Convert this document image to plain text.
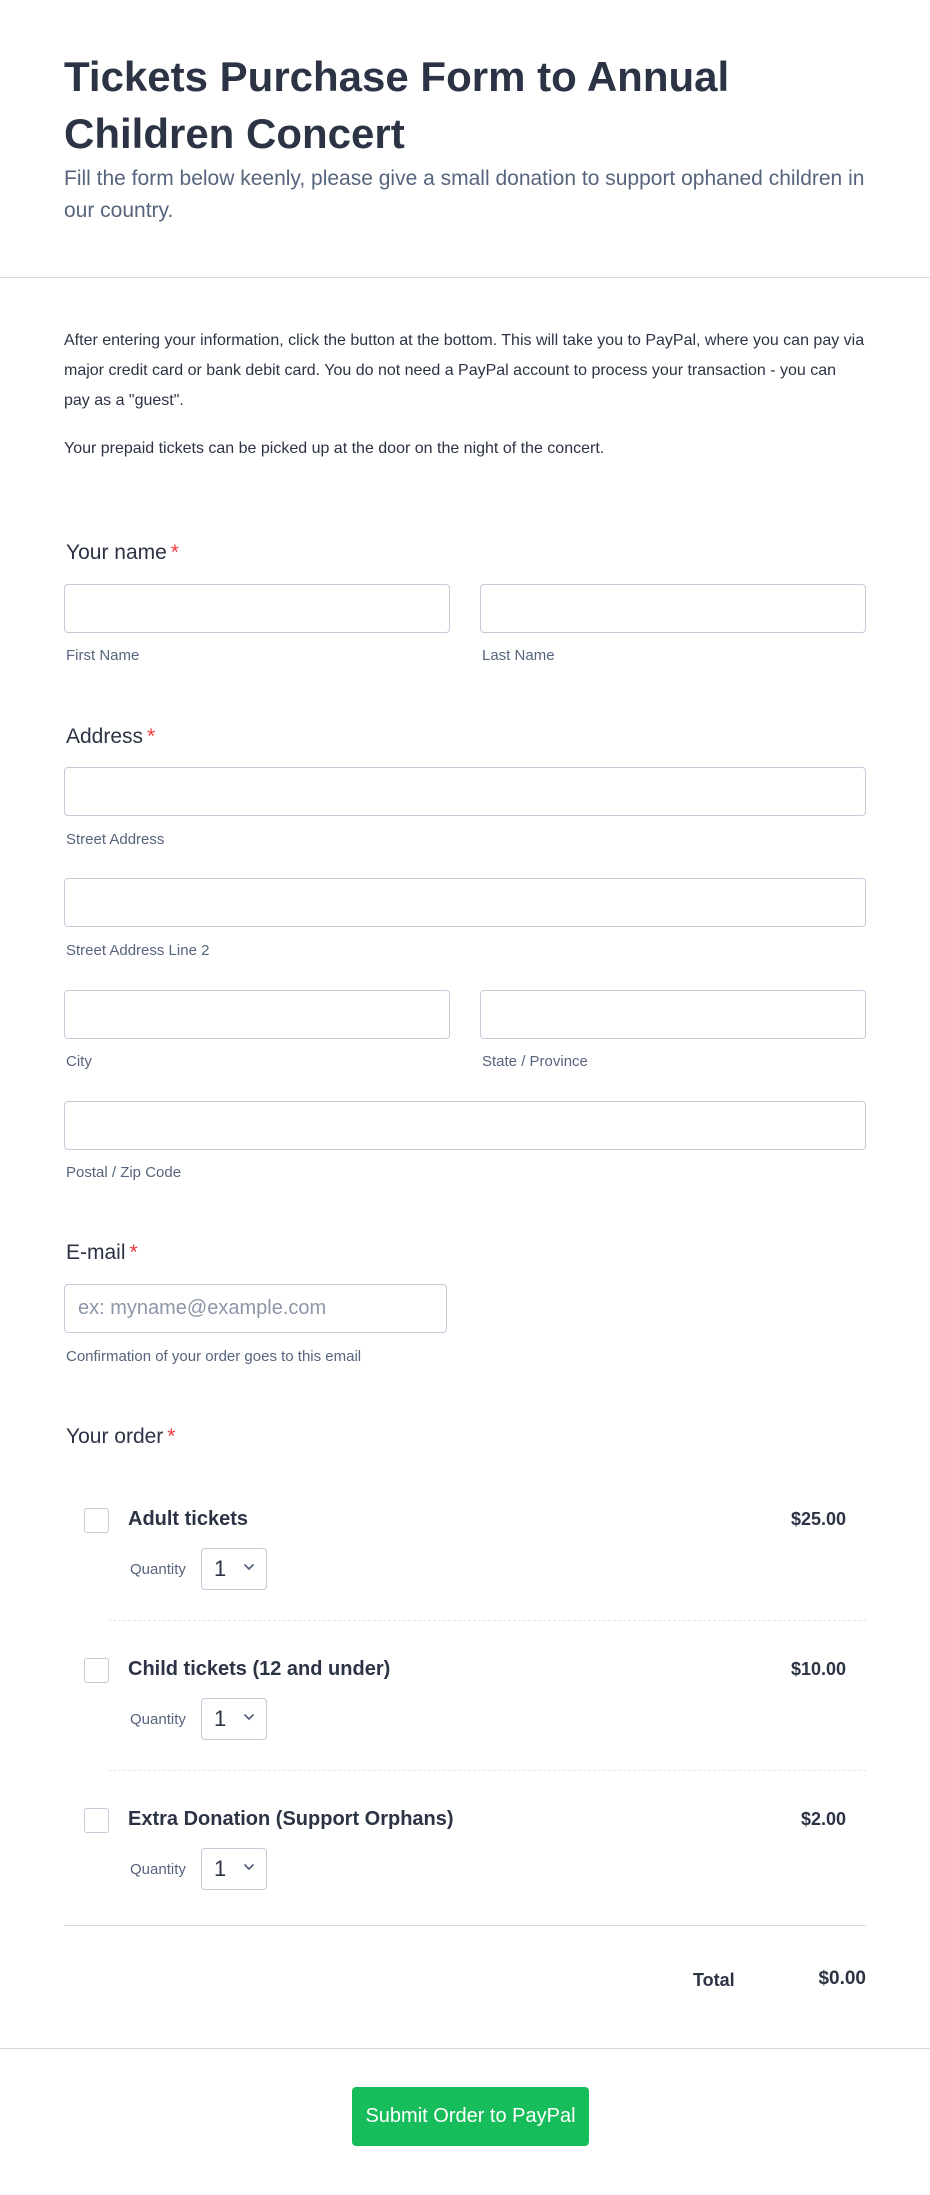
Tickets Purchase Form to Annual Children Concert
Fill the form below keenly, please give a small donation to support ophaned children in our country.

After entering your information, click the button at the bottom. This will take you to PayPal, where you can pay via major credit card or bank debit card. You do not need a PayPal account to process your transaction - you can pay as a "guest".

Your prepaid tickets can be picked up at the door on the night of the concert.

Your name *
First Name	Last Name
Address *
Street Address
Street Address Line 2
City	State / Province
Postal / Zip Code
E-mail *
ex: myname@example.com
Confirmation of your order goes to this email
Your order *
Adult tickets	$25.00
Quantity 1
Child tickets (12 and under)	$10.00
Quantity 1
Extra Donation (Support Orphans)	$2.00
Quantity 1
Total	$0.00
Submit Order to PayPal
